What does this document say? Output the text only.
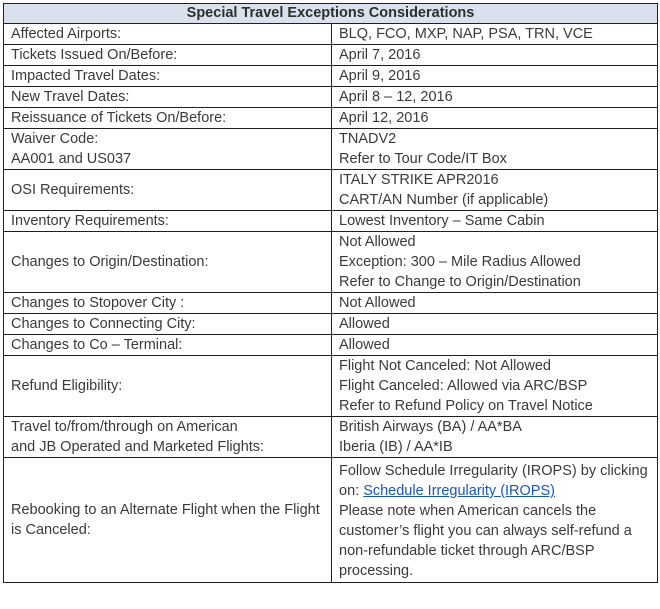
Special Travel Exceptions Considerations	

Affected Airports:	BLQ, FCO, MXP, NAP, PSA, TRN, VCE

Tickets Issued On/Before:	April 7, 2016

Impacted Travel Dates:	April 9, 2016

New Travel Dates:	April 8 – 12, 2016

Reissuance of Tickets On/Before:	April 12, 2016

Waiver Code:
AA001 and US037	TNADV2
Refer to Tour Code/IT Box

OSI Requirements:	ITALY STRIKE APR2016
CART/AN Number (if applicable)

Inventory Requirements:	Lowest Inventory – Same Cabin

Changes to Origin/Destination:	Not Allowed
Exception: 300 – Mile Radius Allowed
Refer to Change to Origin/Destination

Changes to Stopover City :	Not Allowed

Changes to Connecting City:	Allowed

Changes to Co – Terminal:	Allowed

Refund Eligibility:	Flight Not Canceled: Not Allowed
Flight Canceled: Allowed via ARC/BSP
Refer to Refund Policy on Travel Notice

Travel to/from/through on American
and JB Operated and Marketed Flights:	British Airways (BA) / AA*BA
Iberia (IB) / AA*IB

Rebooking to an Alternate Flight when the Flight is Canceled:	Follow Schedule Irregularity (IROPS) by clicking on: Schedule Irregularity (IROPS)
Please note when American cancels the customer’s flight you can always self-refund a non-refundable ticket through ARC/BSP processing.
